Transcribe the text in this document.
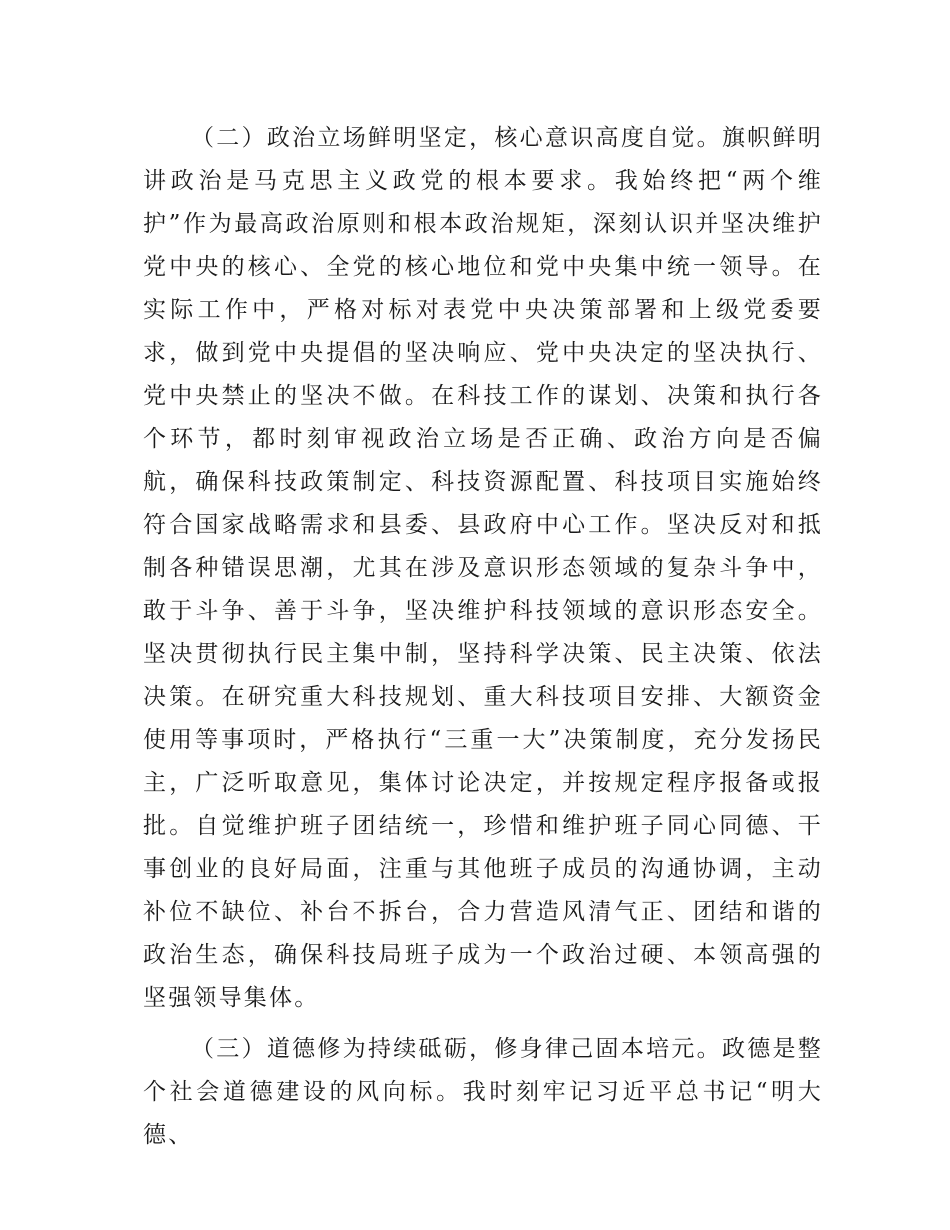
（二）政治立场鲜明坚定，核心意识高度自觉。旗帜鲜明讲政治是马克思主义政党的根本要求。我始终把“两个维护”作为最高政治原则和根本政治规矩，深刻认识并坚决维护党中央的核心、全党的核心地位和党中央集中统一领导。在实际工作中，严格对标对表党中央决策部署和上级党委要求，做到党中央提倡的坚决响应、党中央决定的坚决执行、党中央禁止的坚决不做。在科技工作的谋划、决策和执行各个环节，都时刻审视政治立场是否正确、政治方向是否偏航，确保科技政策制定、科技资源配置、科技项目实施始终符合国家战略需求和县委、县政府中心工作。坚决反对和抵制各种错误思潮，尤其在涉及意识形态领域的复杂斗争中，敢于斗争、善于斗争，坚决维护科技领域的意识形态安全。坚决贯彻执行民主集中制，坚持科学决策、民主决策、依法决策。在研究重大科技规划、重大科技项目安排、大额资金使用等事项时，严格执行“三重一大”决策制度，充分发扬民主，广泛听取意见，集体讨论决定，并按规定程序报备或报批。自觉维护班子团结统一，珍惜和维护班子同心同德、干事创业的良好局面，注重与其他班子成员的沟通协调，主动补位不缺位、补台不拆台，合力营造风清气正、团结和谐的政治生态，确保科技局班子成为一个政治过硬、本领高强的坚强领导集体。

（三）道德修为持续砥砺，修身律己固本培元。政德是整个社会道德建设的风向标。我时刻牢记习近平总书记“明大德、
